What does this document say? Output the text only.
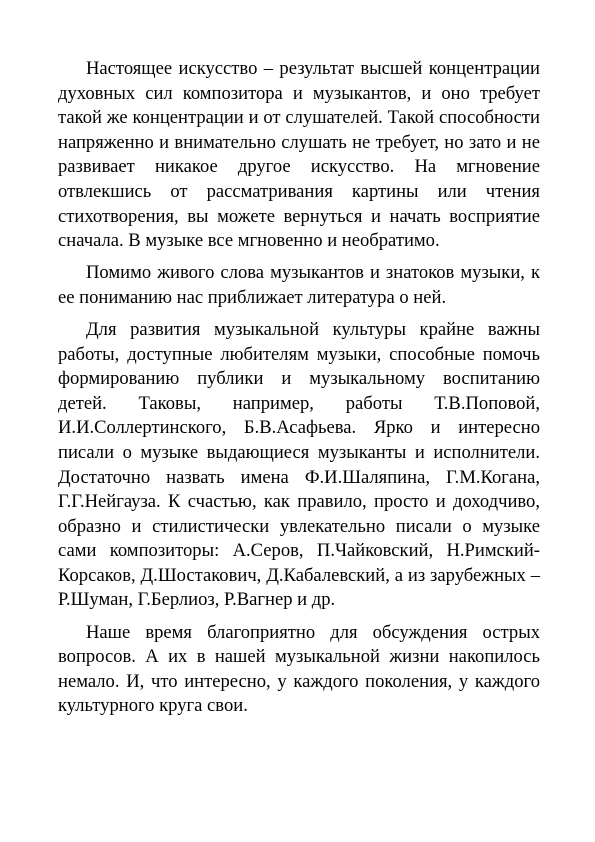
Настоящее искусство – результат высшей концентрации духовных сил композитора и музыкантов, и оно требует такой же концентрации и от слушателей. Такой способности напряженно и внимательно слушать не требует, но зато и не развивает никакое другое искусство. На мгновение отвлекшись от рассматривания картины или чтения стихотворения, вы можете вернуться и начать восприятие сначала. В музыке все мгновенно и необратимо.

Помимо живого слова музыкантов и знатоков музыки, к ее пониманию нас приближает литература о ней.

Для развития музыкальной культуры крайне важны работы, доступные любителям музыки, способные помочь формированию публики и музыкальному воспитанию детей. Таковы, например, работы Т.В.Поповой, И.И.Соллертинского, Б.В.Асафьева. Ярко и интересно писали о музыке выдающиеся музыканты и исполнители. Достаточно назвать имена Ф.И.Шаляпина, Г.М.Когана, Г.Г.Нейгауза. К счастью, как правило, просто и доходчиво, образно и стилистически увлекательно писали о музыке сами композиторы: А.Серов, П.Чайковский, Н.Римский-Корсаков, Д.Шостакович, Д.Кабалевский, а из зарубежных – Р.Шуман, Г.Берлиоз, Р.Вагнер и др.

Наше время благоприятно для обсуждения острых вопросов. А их в нашей музыкальной жизни накопилось немало. И, что интересно, у каждого поколения, у каждого культурного круга свои.
